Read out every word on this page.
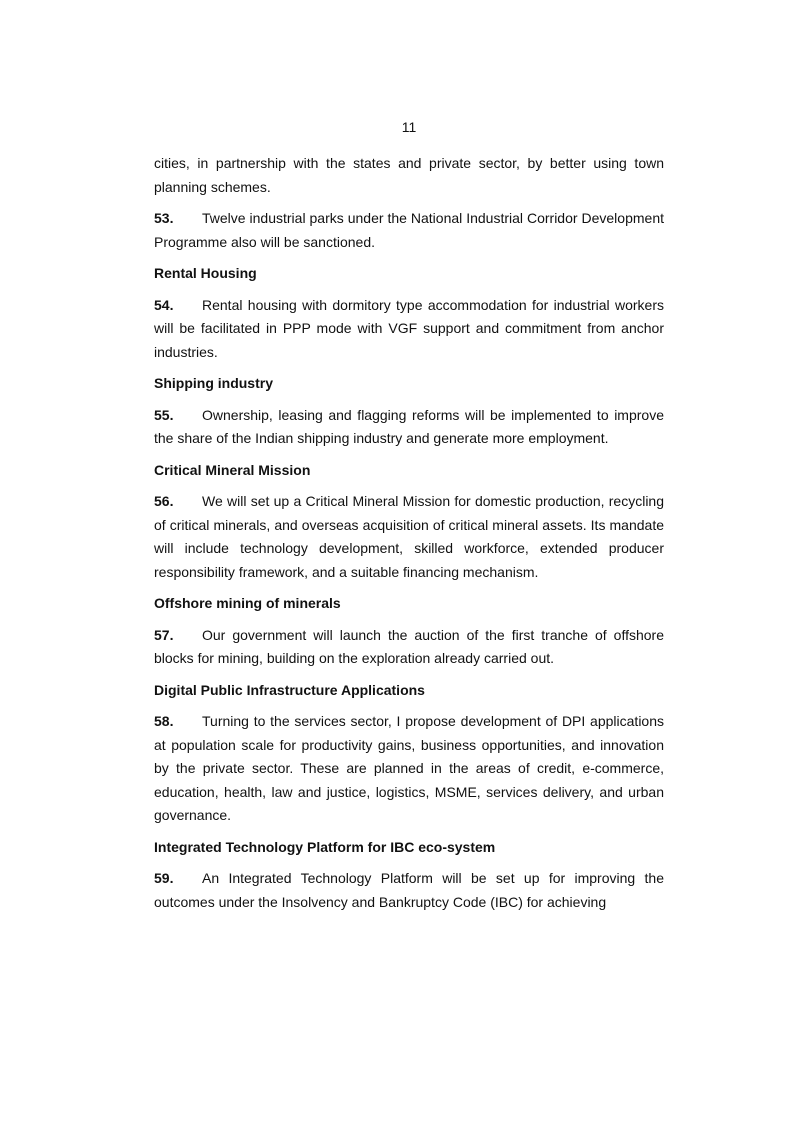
11

cities, in partnership with the states and private sector, by better using town planning schemes.

53. Twelve industrial parks under the National Industrial Corridor Development Programme also will be sanctioned.

Rental Housing

54. Rental housing with dormitory type accommodation for industrial workers will be facilitated in PPP mode with VGF support and commitment from anchor industries.

Shipping industry

55. Ownership, leasing and flagging reforms will be implemented to improve the share of the Indian shipping industry and generate more employment.

Critical Mineral Mission

56. We will set up a Critical Mineral Mission for domestic production, recycling of critical minerals, and overseas acquisition of critical mineral assets. Its mandate will include technology development, skilled workforce, extended producer responsibility framework, and a suitable financing mechanism.

Offshore mining of minerals

57. Our government will launch the auction of the first tranche of offshore blocks for mining, building on the exploration already carried out.

Digital Public Infrastructure Applications

58. Turning to the services sector, I propose development of DPI applications at population scale for productivity gains, business opportunities, and innovation by the private sector. These are planned in the areas of credit, e-commerce, education, health, law and justice, logistics, MSME, services delivery, and urban governance.

Integrated Technology Platform for IBC eco-system

59. An Integrated Technology Platform will be set up for improving the outcomes under the Insolvency and Bankruptcy Code (IBC) for achieving
